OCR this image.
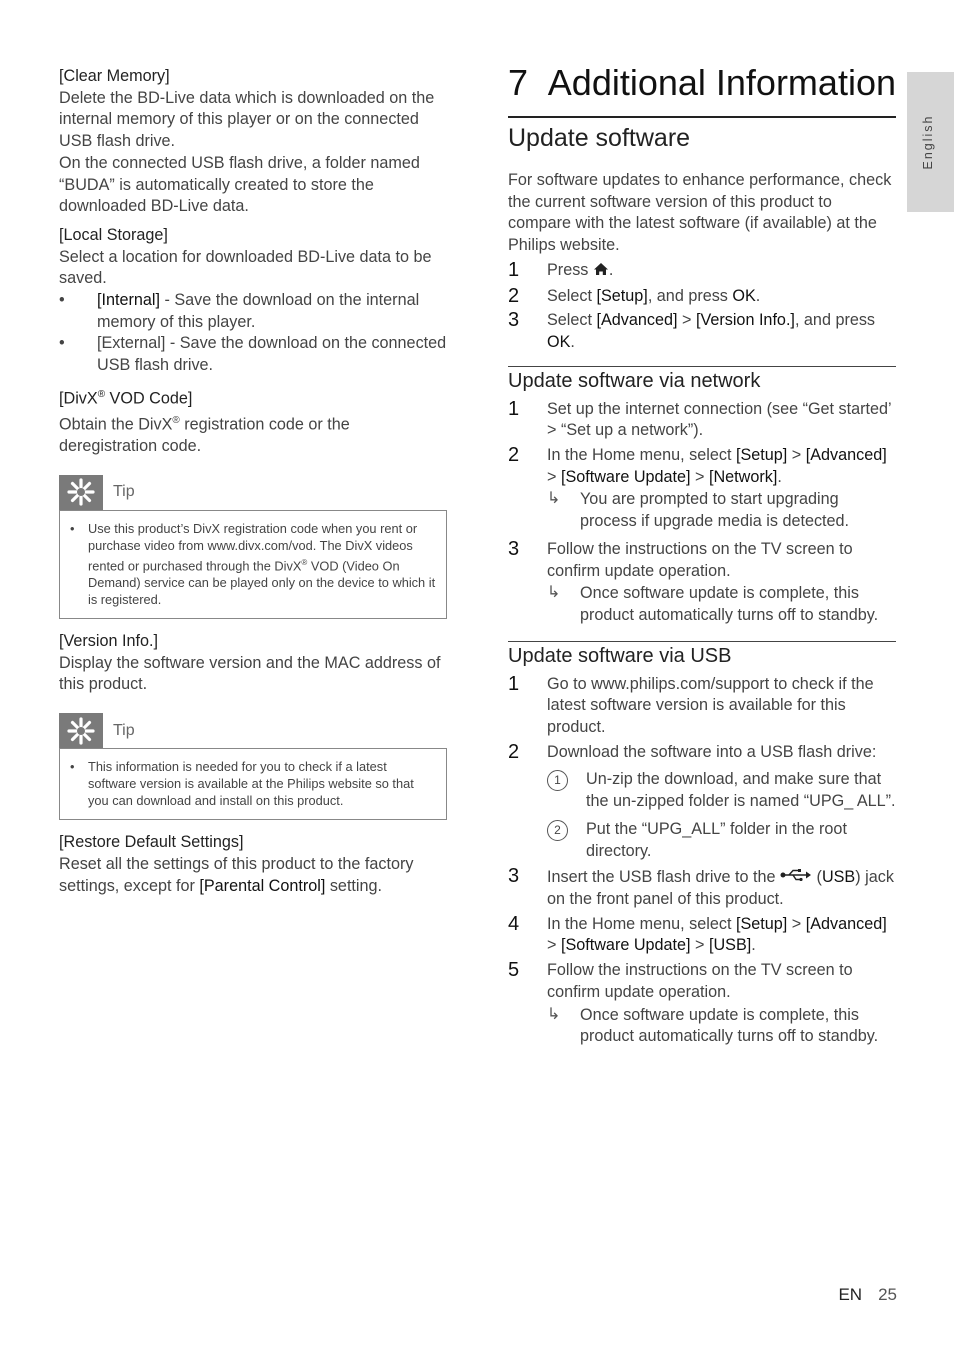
[Clear Memory]

Delete the BD-Live data which is downloaded on the internal memory of this player or on the connected USB flash drive.

On the connected USB flash drive, a folder named “BUDA” is automatically created to store the downloaded BD-Live data.

[Local Storage]

Select a location for downloaded BD-Live data to be saved.

• [Internal] - Save the download on the internal memory of this player.
• [External] - Save the download on the connected USB flash drive.

[DivX® VOD Code]

Obtain the DivX® registration code or the deregistration code.

Tip
• Use this product’s DivX registration code when you rent or purchase video from www.divx.com/vod. The DivX videos rented or purchased through the DivX® VOD (Video On Demand) service can be played only on the device to which it is registered.

[Version Info.]

Display the software version and the MAC address of this product.

Tip
• This information is needed for you to check if a latest software version is available at the Philips website so that you can download and install on this product.

[Restore Default Settings]

Reset all the settings of this product to the factory settings, except for [Parental Control] setting.

7 Additional Information
Update software

For software updates to enhance performance, check the current software version of this product to compare with the latest software (if available) at the Philips website.

1 Press .
2 Select [Setup], and press OK.
3 Select [Advanced] > [Version Info.], and press OK.
Update software via network
1 Set up the internet connection (see “Get started’ > “Set up a network”).
2 In the Home menu, select [Setup] > [Advanced] > [Software Update] > [Network].
↳ You are prompted to start upgrading process if upgrade media is detected.
3 Follow the instructions on the TV screen to confirm update operation.
↳ Once software update is complete, this product automatically turns off to standby.
Update software via USB
1 Go to www.philips.com/support to check if the latest software version is available for this product.
2 Download the software into a USB flash drive:
1	Un-zip the download, and make sure that the un-zipped folder is named “UPG_ ALL”.
2	Put the “UPG_ALL” folder in the root directory.
3 Insert the USB flash drive to the  (USB) jack on the front panel of this product.
4 In the Home menu, select [Setup] > [Advanced] > [Software Update] > [USB].
5 Follow the instructions on the TV screen to confirm update operation.
↳ Once software update is complete, this product automatically turns off to standby.
English
EN 25
